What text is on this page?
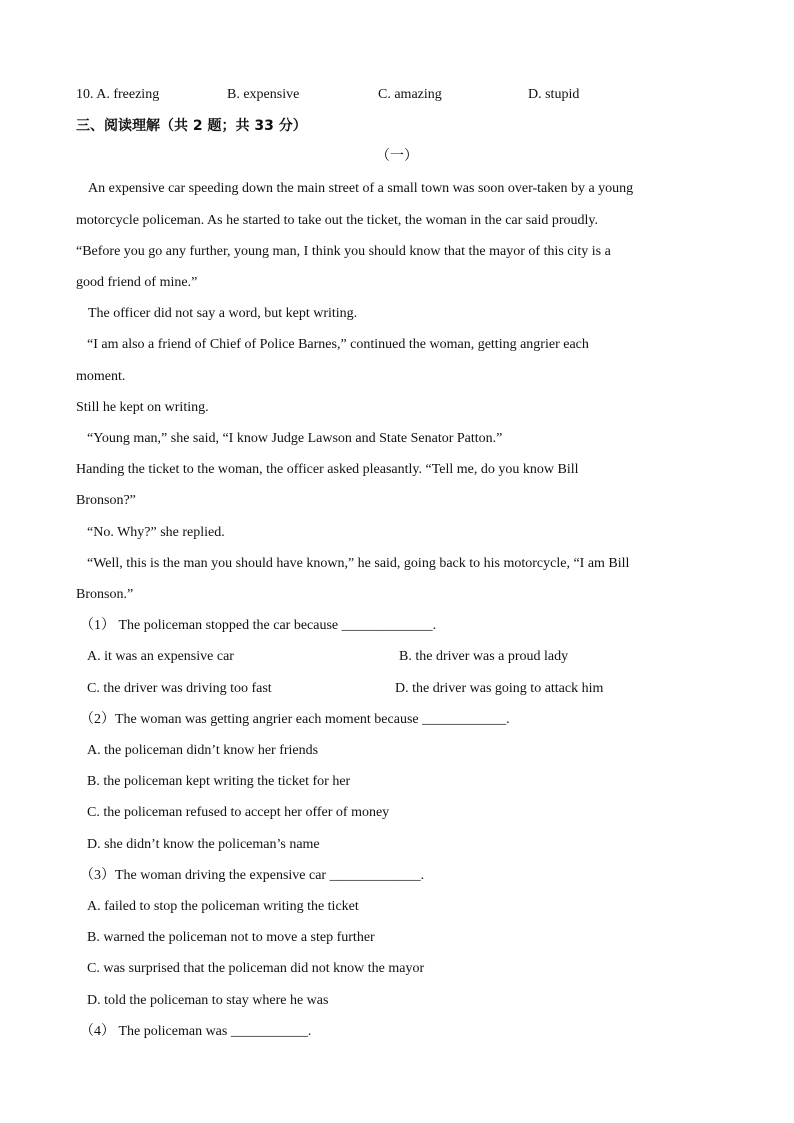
10. A. freezing	B. expensive	C. amazing	D. stupid
三、阅读理解（共 2 题；共 33 分）
（一）
An expensive car speeding down the main street of a small town was soon over-taken by a young
motorcycle policeman. As he started to take out the ticket, the woman in the car said proudly.
“Before you go any further, young man, I think you should know that the mayor of this city is a
good friend of mine.”
The officer did not say a word, but kept writing.
“I am also a friend of Chief of Police Barnes,” continued the woman, getting angrier each
moment.
Still he kept on writing.
“Young man,” she said, “I know Judge Lawson and State Senator Patton.”
Handing the ticket to the woman, the officer asked pleasantly. “Tell me, do you know Bill
Bronson?”
“No. Why?” she replied.
“Well, this is the man you should have known,” he said, going back to his motorcycle, “I am Bill
Bronson.”
（1） The policeman stopped the car because _____________.
A. it was an expensive car	B. the driver was a proud lady
C. the driver was driving too fast	D. the driver was going to attack him
（2）The woman was getting angrier each moment because ____________.
A. the policeman didn’t know her friends
B. the policeman kept writing the ticket for her
C. the policeman refused to accept her offer of money
D. she didn’t know the policeman’s name
（3）The woman driving the expensive car _____________.
A. failed to stop the policeman writing the ticket
B. warned the policeman not to move a step further
C. was surprised that the policeman did not know the mayor
D. told the policeman to stay where he was
（4） The policeman was ___________.
